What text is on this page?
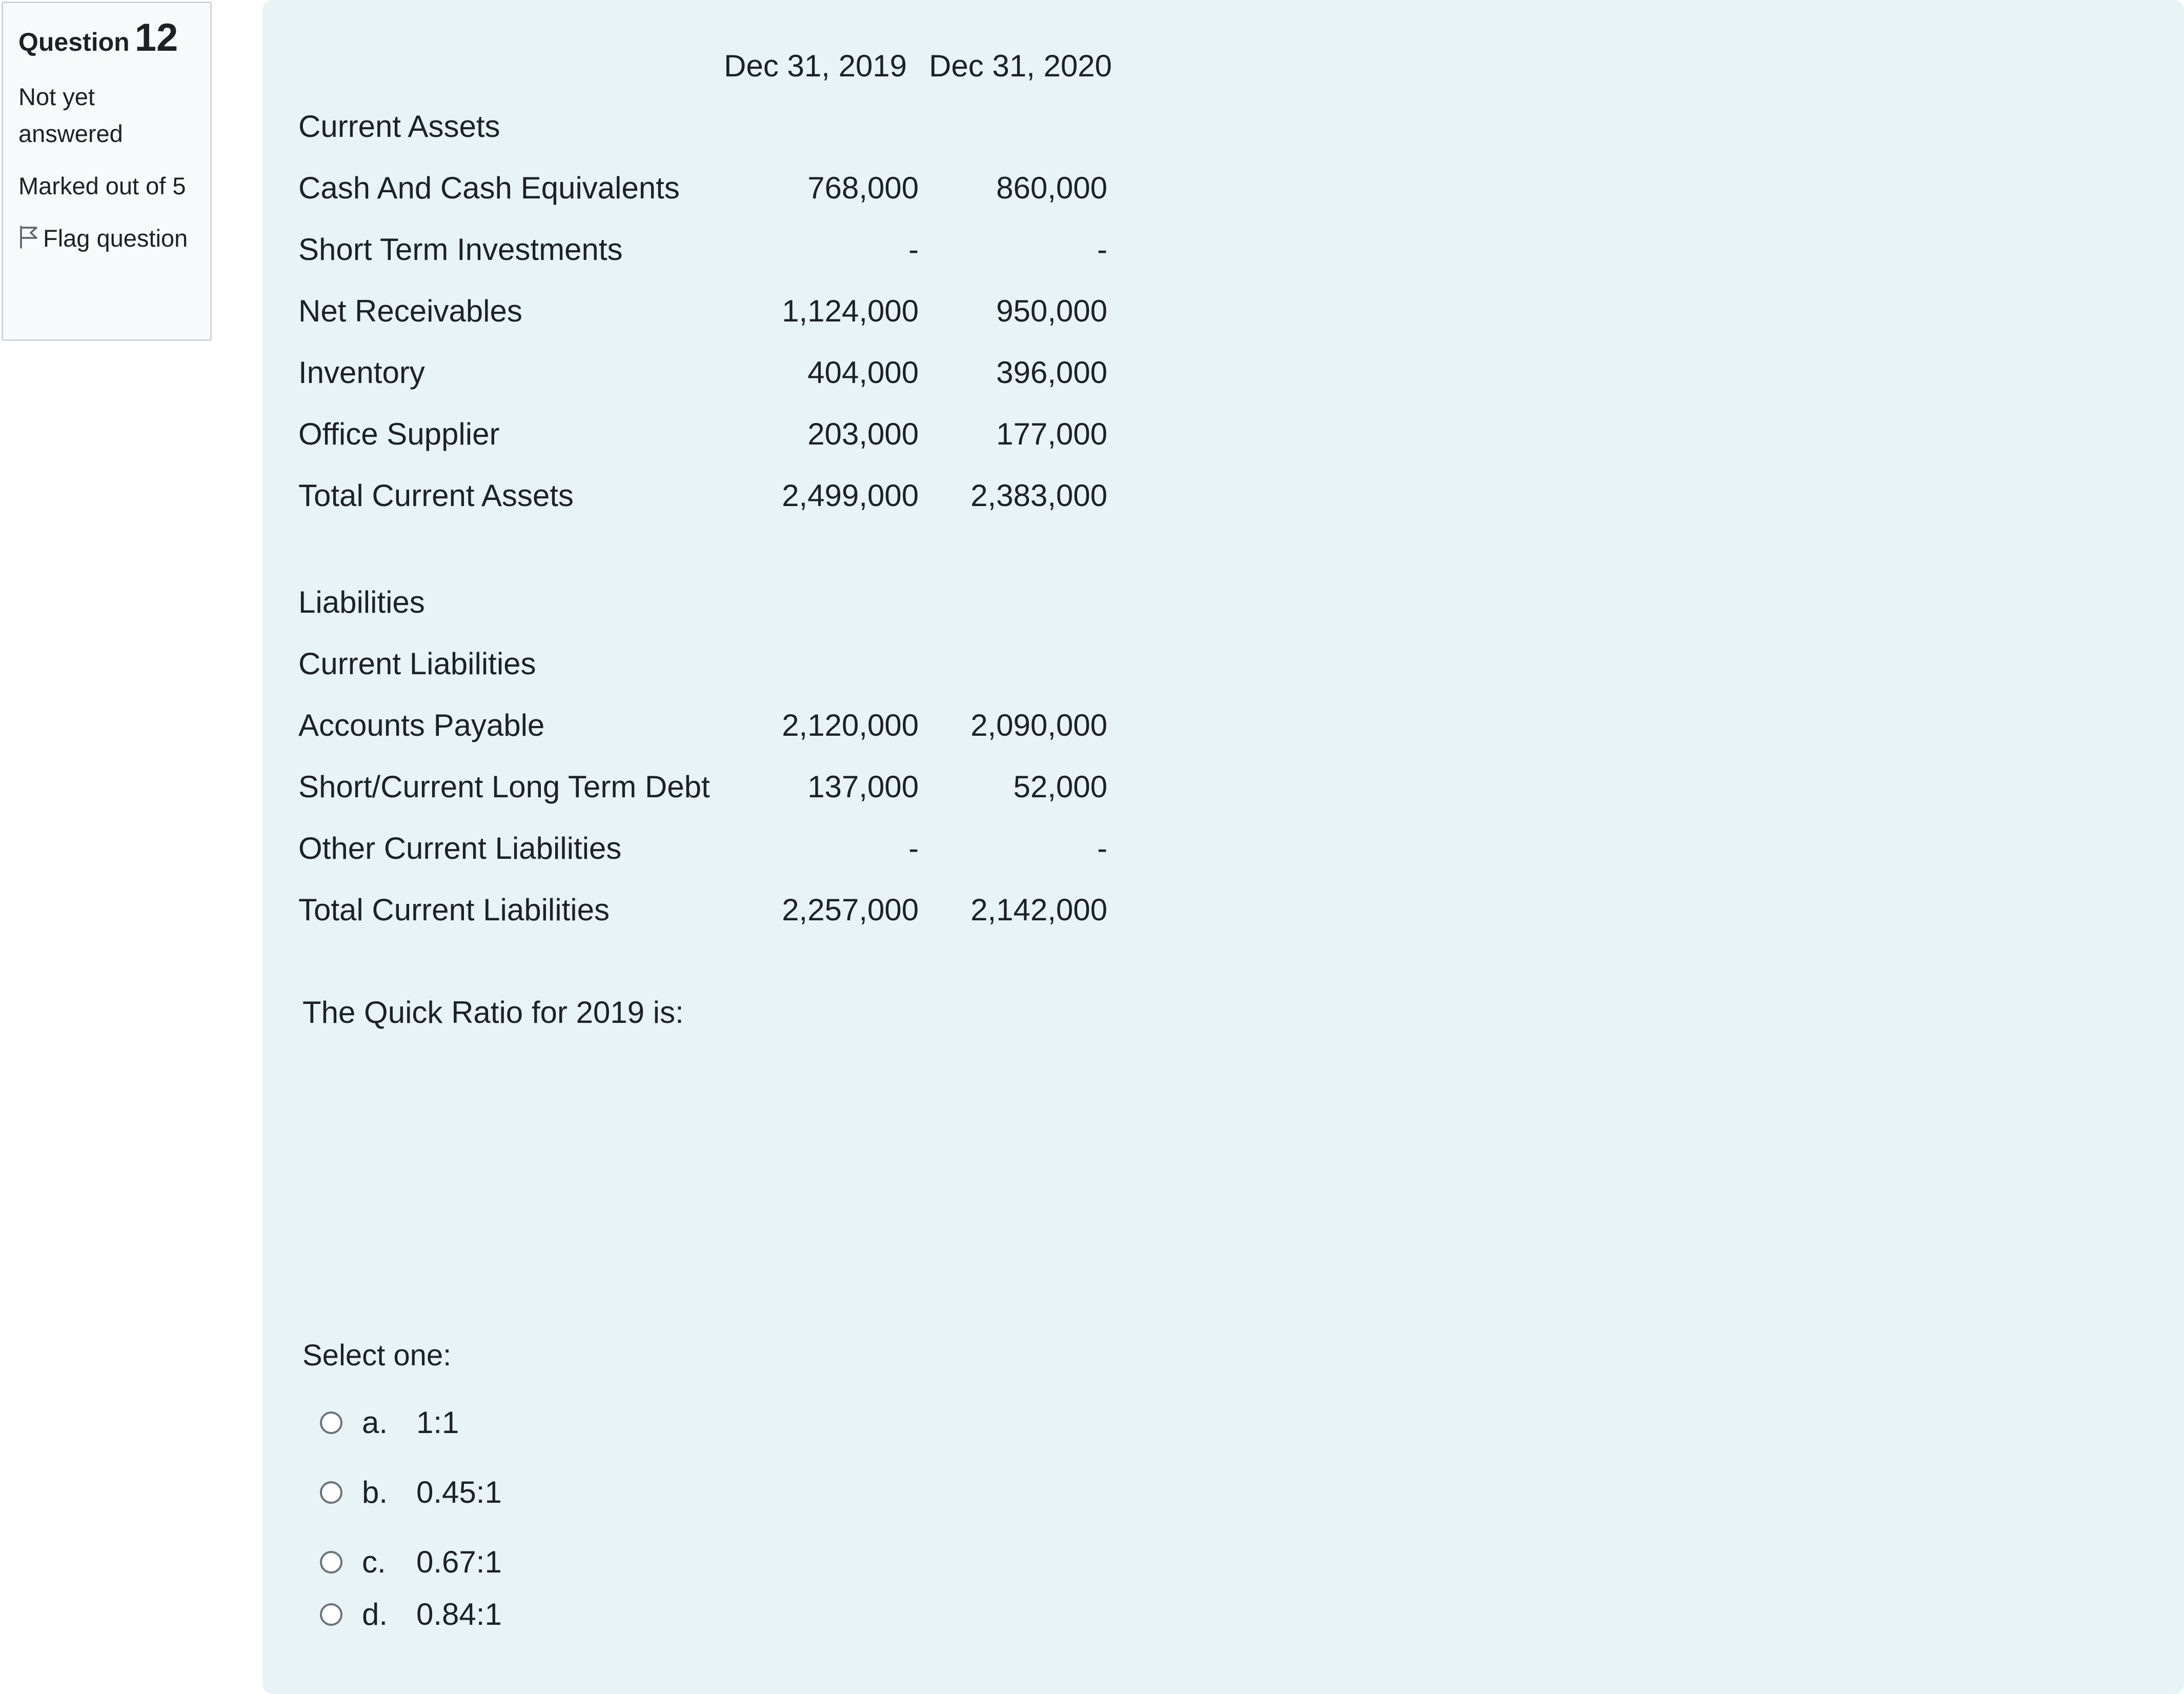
Question 12
Not yet answered
Marked out of 5
Flag question
	Dec 31, 2019	Dec 31, 2020
Current Assets		
Cash And Cash Equivalents	768,000	860,000
Short Term Investments	-	-
Net Receivables	1,124,000	950,000
Inventory	404,000	396,000
Office Supplier	203,000	177,000
Total Current Assets	2,499,000	2,383,000

Liabilities		
Current Liabilities		
Accounts Payable	2,120,000	2,090,000
Short/Current Long Term Debt	137,000	52,000
Other Current Liabilities	-	-
Total Current Liabilities	2,257,000	2,142,000

The Quick Ratio for 2019 is:

Select one:

a. 1:1
b. 0.45:1
c. 0.67:1
d. 0.84:1
